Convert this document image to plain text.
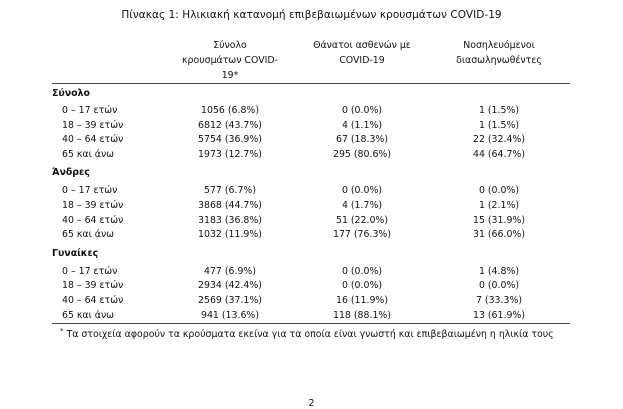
Πίνακας 1: Ηλικιακή κατανομή επιβεβαιωμένων κρουσμάτων COVID-19
	Σύνολο κρουσμάτων COVID-19*	Θάνατοι ασθενών με COVID-19	Νοσηλευόμενοι διασωληνωθέντες
Σύνολο			
0 – 17 ετών	1056 (6.8%)	0 (0.0%)	1 (1.5%)
18 – 39 ετών	6812 (43.7%)	4 (1.1%)	1 (1.5%)
40 – 64 ετών	5754 (36.9%)	67 (18.3%)	22 (32.4%)
65 και άνω	1973 (12.7%)	295 (80.6%)	44 (64.7%)
Άνδρες			
0 – 17 ετών	577 (6.7%)	0 (0.0%)	0 (0.0%)
18 – 39 ετών	3868 (44.7%)	4 (1.7%)	1 (2.1%)
40 – 64 ετών	3183 (36.8%)	51 (22.0%)	15 (31.9%)
65 και άνω	1032 (11.9%)	177 (76.3%)	31 (66.0%)
Γυναίκες			
0 – 17 ετών	477 (6.9%)	0 (0.0%)	1 (4.8%)
18 – 39 ετών	2934 (42.4%)	0 (0.0%)	0 (0.0%)
40 – 64 ετών	2569 (37.1%)	16 (11.9%)	7 (33.3%)
65 και άνω	941 (13.6%)	118 (88.1%)	13 (61.9%)
* Τα στοιχεία αφορούν τα κρούσματα εκείνα για τα οποία είναι γνωστή και επιβεβαιωμένη η ηλικία τους
2
